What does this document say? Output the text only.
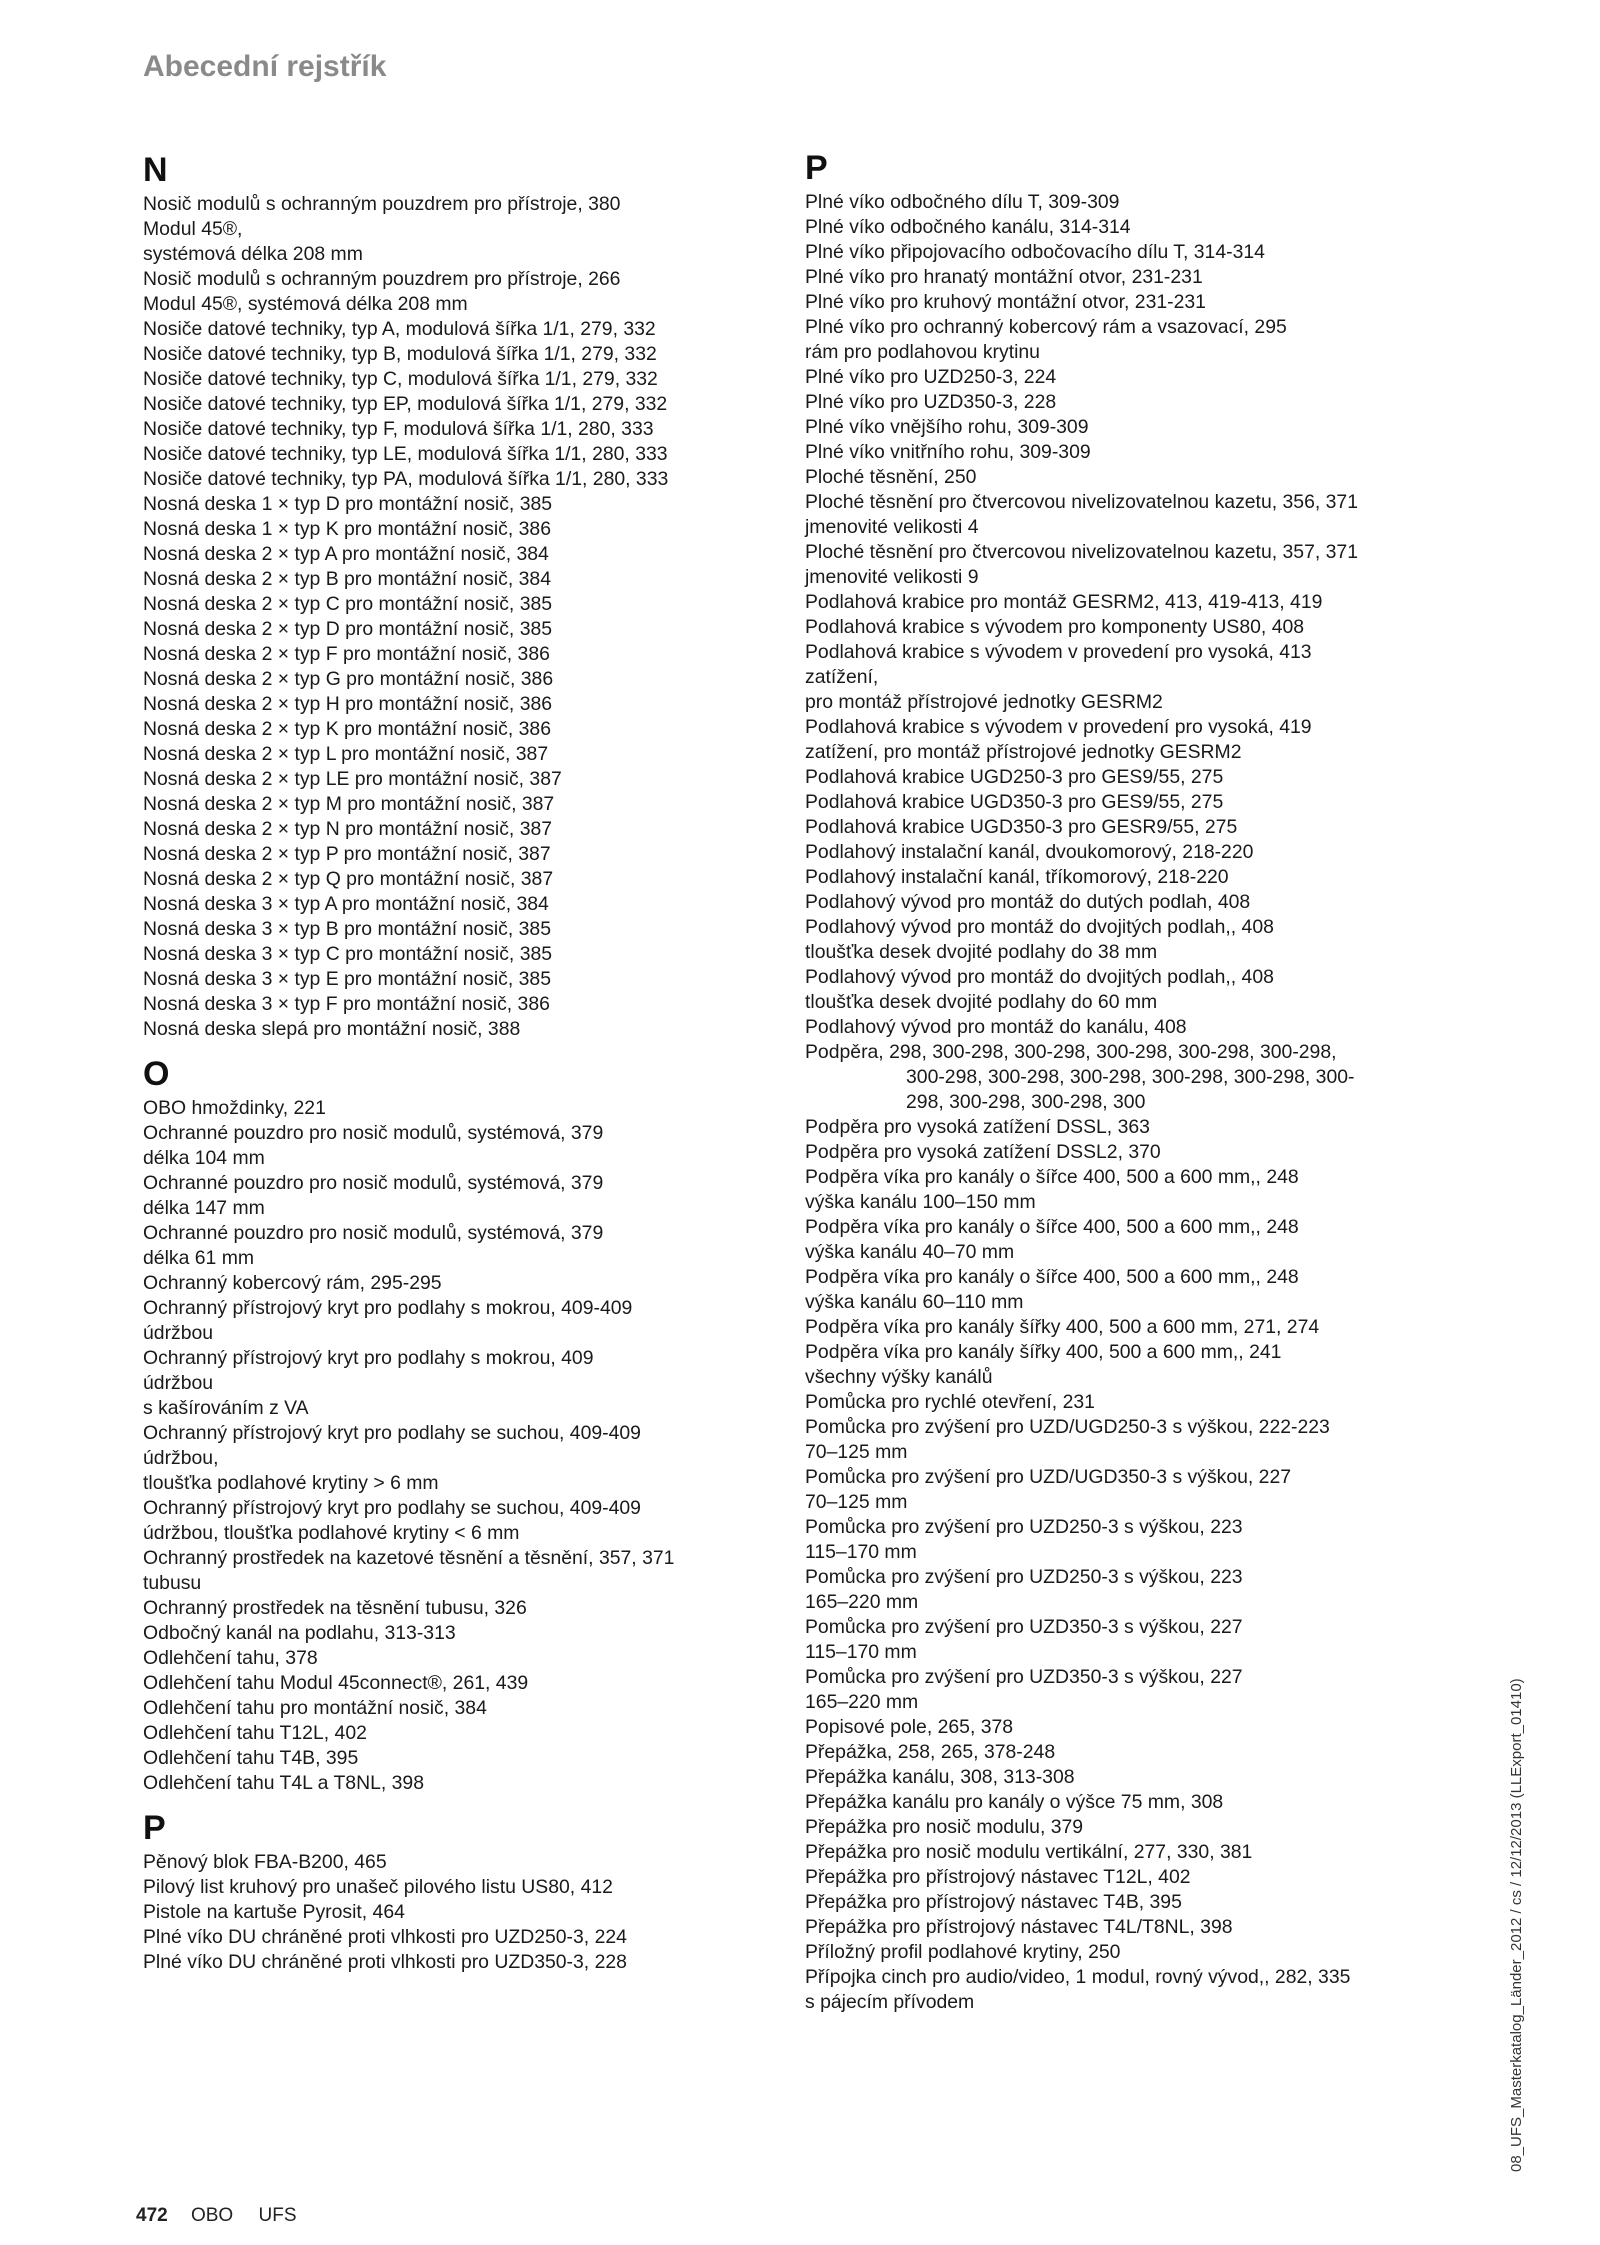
Abecední rejstřík
N
Nosič modulů s ochranným pouzdrem pro přístroje, 380
Modul 45®,
systémová délka 208 mm
Nosič modulů s ochranným pouzdrem pro přístroje, 266
Modul 45®, systémová délka 208 mm
Nosiče datové techniky, typ A, modulová šířka 1/1, 279, 332
Nosiče datové techniky, typ B, modulová šířka 1/1, 279, 332
Nosiče datové techniky, typ C, modulová šířka 1/1, 279, 332
Nosiče datové techniky, typ EP, modulová šířka 1/1, 279, 332
Nosiče datové techniky, typ F, modulová šířka 1/1, 280, 333
Nosiče datové techniky, typ LE, modulová šířka 1/1, 280, 333
Nosiče datové techniky, typ PA, modulová šířka 1/1, 280, 333
Nosná deska 1 × typ D pro montážní nosič, 385
Nosná deska 1 × typ K pro montážní nosič, 386
Nosná deska 2 × typ A pro montážní nosič, 384
Nosná deska 2 × typ B pro montážní nosič, 384
Nosná deska 2 × typ C pro montážní nosič, 385
Nosná deska 2 × typ D pro montážní nosič, 385
Nosná deska 2 × typ F pro montážní nosič, 386
Nosná deska 2 × typ G pro montážní nosič, 386
Nosná deska 2 × typ H pro montážní nosič, 386
Nosná deska 2 × typ K pro montážní nosič, 386
Nosná deska 2 × typ L pro montážní nosič, 387
Nosná deska 2 × typ LE pro montážní nosič, 387
Nosná deska 2 × typ M pro montážní nosič, 387
Nosná deska 2 × typ N pro montážní nosič, 387
Nosná deska 2 × typ P pro montážní nosič, 387
Nosná deska 2 × typ Q pro montážní nosič, 387
Nosná deska 3 × typ A pro montážní nosič, 384
Nosná deska 3 × typ B pro montážní nosič, 385
Nosná deska 3 × typ C pro montážní nosič, 385
Nosná deska 3 × typ E pro montážní nosič, 385
Nosná deska 3 × typ F pro montážní nosič, 386
Nosná deska slepá pro montážní nosič, 388
O
OBO hmoždinky, 221
Ochranné pouzdro pro nosič modulů, systémová, 379
délka 104 mm
Ochranné pouzdro pro nosič modulů, systémová, 379
délka 147 mm
Ochranné pouzdro pro nosič modulů, systémová, 379
délka 61 mm
Ochranný kobercový rám, 295-295
Ochranný přístrojový kryt pro podlahy s mokrou, 409-409
údržbou
Ochranný přístrojový kryt pro podlahy s mokrou, 409
údržbou
s kašírováním z VA
Ochranný přístrojový kryt pro podlahy se suchou, 409-409
údržbou,
tloušťka podlahové krytiny > 6 mm
Ochranný přístrojový kryt pro podlahy se suchou, 409-409
údržbou, tloušťka podlahové krytiny < 6 mm
Ochranný prostředek na kazetové těsnění a těsnění, 357, 371
tubusu
Ochranný prostředek na těsnění tubusu, 326
Odbočný kanál na podlahu, 313-313
Odlehčení tahu, 378
Odlehčení tahu Modul 45connect®, 261, 439
Odlehčení tahu pro montážní nosič, 384
Odlehčení tahu T12L, 402
Odlehčení tahu T4B, 395
Odlehčení tahu T4L a T8NL, 398
P
Pěnový blok FBA-B200, 465
Pilový list kruhový pro unašeč pilového listu US80, 412
Pistole na kartuše Pyrosit, 464
Plné víko DU chráněné proti vlhkosti pro UZD250-3, 224
Plné víko DU chráněné proti vlhkosti pro UZD350-3, 228
P
Plné víko odbočného dílu T, 309-309
Plné víko odbočného kanálu, 314-314
Plné víko připojovacího odbočovacího dílu T, 314-314
Plné víko pro hranatý montážní otvor, 231-231
Plné víko pro kruhový montážní otvor, 231-231
Plné víko pro ochranný kobercový rám a vsazovací, 295
rám pro podlahovou krytinu
Plné víko pro UZD250-3, 224
Plné víko pro UZD350-3, 228
Plné víko vnějšího rohu, 309-309
Plné víko vnitřního rohu, 309-309
Ploché těsnění, 250
Ploché těsnění pro čtvercovou nivelizovatelnou kazetu, 356, 371
jmenovité velikosti 4
Ploché těsnění pro čtvercovou nivelizovatelnou kazetu, 357, 371
jmenovité velikosti 9
Podlahová krabice pro montáž GESRM2, 413, 419-413, 419
Podlahová krabice s vývodem pro komponenty US80, 408
Podlahová krabice s vývodem v provedení pro vysoká, 413
zatížení,
pro montáž přístrojové jednotky GESRM2
Podlahová krabice s vývodem v provedení pro vysoká, 419
zatížení, pro montáž přístrojové jednotky GESRM2
Podlahová krabice UGD250-3 pro GES9/55, 275
Podlahová krabice UGD350-3 pro GES9/55, 275
Podlahová krabice UGD350-3 pro GESR9/55, 275
Podlahový instalační kanál, dvoukomorový, 218-220
Podlahový instalační kanál, tříkomorový, 218-220
Podlahový vývod pro montáž do dutých podlah, 408
Podlahový vývod pro montáž do dvojitých podlah,, 408
tloušťka desek dvojité podlahy do 38 mm
Podlahový vývod pro montáž do dvojitých podlah,, 408
tloušťka desek dvojité podlahy do 60 mm
Podlahový vývod pro montáž do kanálu, 408
Podpěra, 298, 300-298, 300-298, 300-298, 300-298, 300-298,
300-298, 300-298, 300-298, 300-298, 300-298, 300-
298, 300-298, 300-298, 300
Podpěra pro vysoká zatížení DSSL, 363
Podpěra pro vysoká zatížení DSSL2, 370
Podpěra víka pro kanály o šířce 400, 500 a 600 mm,, 248
výška kanálu 100–150 mm
Podpěra víka pro kanály o šířce 400, 500 a 600 mm,, 248
výška kanálu 40–70 mm
Podpěra víka pro kanály o šířce 400, 500 a 600 mm,, 248
výška kanálu 60–110 mm
Podpěra víka pro kanály šířky 400, 500 a 600 mm, 271, 274
Podpěra víka pro kanály šířky 400, 500 a 600 mm,, 241
všechny výšky kanálů
Pomůcka pro rychlé otevření, 231
Pomůcka pro zvýšení pro UZD/UGD250-3 s výškou, 222-223
70–125 mm
Pomůcka pro zvýšení pro UZD/UGD350-3 s výškou, 227
70–125 mm
Pomůcka pro zvýšení pro UZD250-3 s výškou, 223
115–170 mm
Pomůcka pro zvýšení pro UZD250-3 s výškou, 223
165–220 mm
Pomůcka pro zvýšení pro UZD350-3 s výškou, 227
115–170 mm
Pomůcka pro zvýšení pro UZD350-3 s výškou, 227
165–220 mm
Popisové pole, 265, 378
Přepážka, 258, 265, 378-248
Přepážka kanálu, 308, 313-308
Přepážka kanálu pro kanály o výšce 75 mm, 308
Přepážka pro nosič modulu, 379
Přepážka pro nosič modulu vertikální, 277, 330, 381
Přepážka pro přístrojový nástavec T12L, 402
Přepážka pro přístrojový nástavec T4B, 395
Přepážka pro přístrojový nástavec T4L/T8NL, 398
Příložný profil podlahové krytiny, 250
Přípojka cinch pro audio/video, 1 modul, rovný vývod,, 282, 335
s pájecím přívodem
472 OBO UFS
08_UFS_Masterkatalog_Länder_2012 / cs / 12/12/2013 (LLExport_01410)
